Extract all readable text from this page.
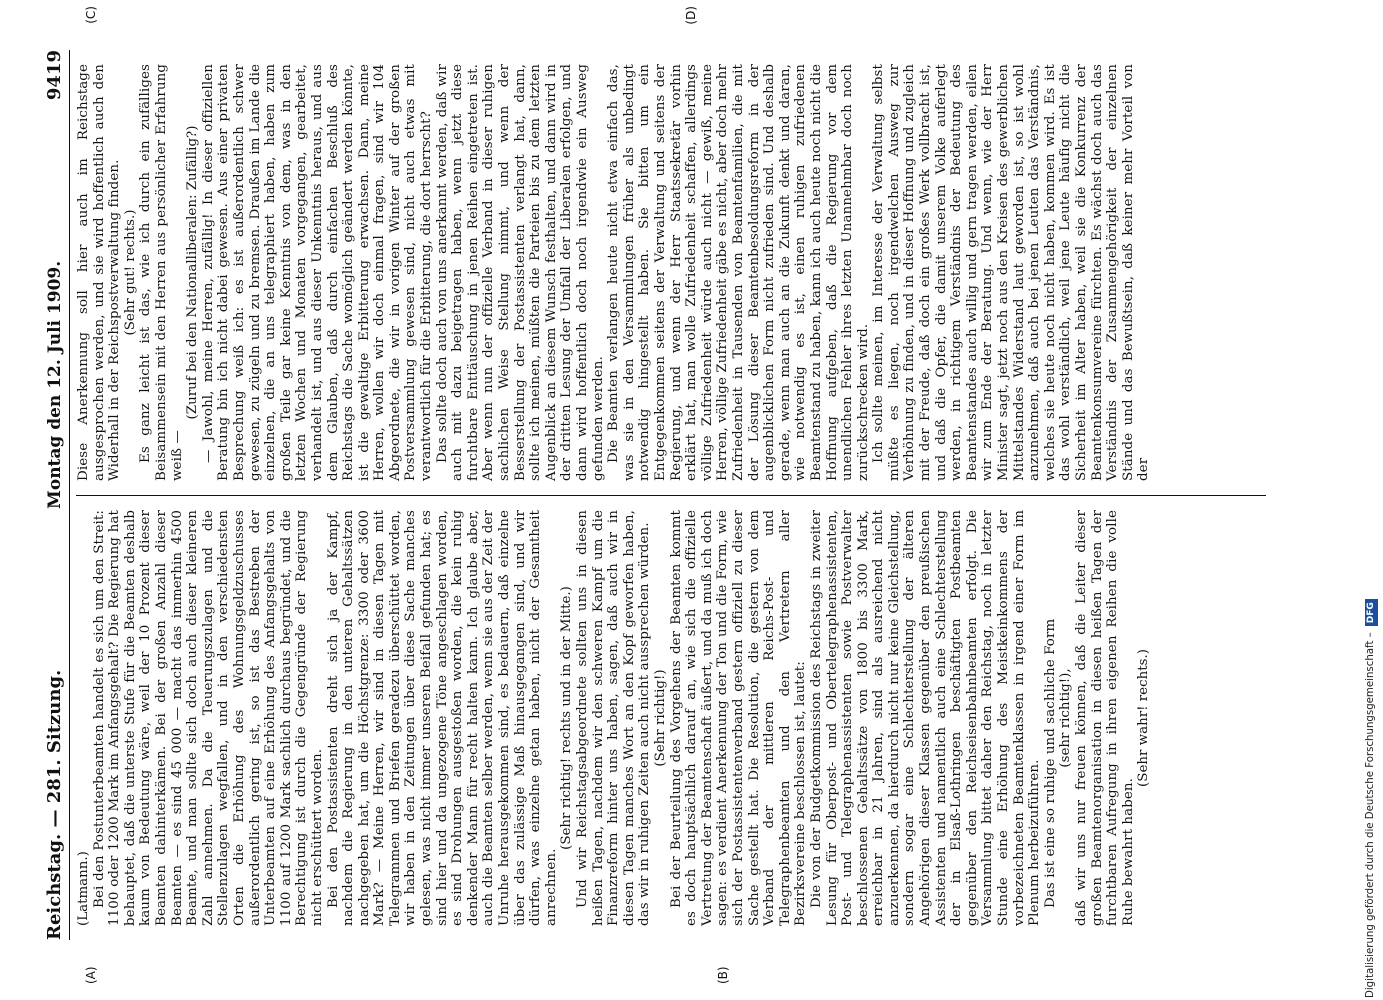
Reichstag. — 281. Sitzung.
Montag den 12. Juli 1909.
9419
(A)	(B)

(Latmann.) Bei den Postunterbeamten handelt es sich um den Streit: 1100 oder 1200 Mark im Anfangsgehalt? Die Regierung hat behauptet, daß die unterste Stufe für die Beamten deshalb kaum von Bedeutung wäre, weil der 10 Prozent dieser Beamten dahinterkämen. Bei der großen Anzahl dieser Beamten — es sind 45 000 — macht das immerhin 4500 Beamte, und man sollte sich doch auch dieser kleineren Zahl annehmen. Da die Teuerungszulagen und die Stellenzulagen wegfallen, und in den verschiedensten Orten die Erhöhung des Wohnungsgeldzuschusses außerordentlich gering ist, so ist das Bestreben der Unterbeamten auf eine Erhöhung des Anfangsgehalts von 1100 auf 1200 Mark sachlich durchaus begründet, und die Berechtigung ist durch die Gegengründe der Regierung nicht erschüttert worden. Bei den Postassistenten dreht sich ja der Kampf, nachdem die Regierung in den unteren Gehaltssätzen nachgegeben hat, um die Höchstgrenze: 3300 oder 3600 Mark? — Meine Herren, wir sind in diesen Tagen mit Telegrammen und Briefen geradezu überschüttet worden, wir haben in den Zeitungen über diese Sache manches gelesen, was nicht immer unseren Beifall gefunden hat; es sind hier und da ungezogene Töne angeschlagen worden, es sind Drohungen ausgestoßen worden, die kein ruhig denkender Mann für recht halten kann. Ich glaube aber, auch die Beamten selber werden, wenn sie aus der Zeit der Unruhe herausgekommen sind, es bedauern, daß einzelne über das zulässige Maß hinausgegangen sind, und wir dürfen, was einzelne getan haben, nicht der Gesamtheit anrechnen.

(Sehr richtig! rechts und in der Mitte.) Und wir Reichstagsabgeordnete sollten uns in diesen heißen Tagen, nachdem wir den schweren Kampf um die Finanzreform hinter uns haben, sagen, daß auch wir in diesen Tagen manches Wort an den Kopf geworfen haben, das wir in ruhigen Zeiten auch nicht aussprechen würden. (Sehr richtig!) Bei der Beurteilung des Vorgehens der Beamten kommt es doch hauptsächlich darauf an, wie sich die offizielle Vertretung der Beamtenschaft äußert, und da muß ich doch sagen: es verdient Anerkennung der Ton und die Form, wie sich der Postassistentenverband gestern offiziell zu dieser Sache gestellt hat. Die Resolution, die gestern von dem Verband der mittleren Reichs-Post- und Telegraphenbeamten und den Vertretern aller Bezirksvereine beschlossen ist, lautet: Die von der Budgetkommission des Reichstags in zweiter Lesung für Oberpost- und Obertelegraphenassistenten, Post- und Telegraphenassistenten sowie Postverwalter beschlossenen Gehaltssätze von 1800 bis 3300 Mark, erreichbar in 21 Jahren, sind als ausreichend nicht anzuerkennen, da hierdurch nicht nur keine Gleichstellung, sondern sogar eine Schlechterstellung der älteren Angehörigen dieser Klassen gegenüber den preußischen Assistenten und namentlich auch eine Schlechterstellung der in Elsaß-Lothringen beschäftigten Postbeamten gegenüber den Reichseisenbahnbeamten erfolgt. Die Versammlung bittet daher den Reichstag, noch in letzter Stunde eine Erhöhung des Meistkeinkommens der vorbezeichneten Beamtenklassen in irgend einer Form im Plenum herbeizuführen. Das ist eine so ruhige und sachliche Form (sehr richtig!), daß wir uns nur freuen können, daß die Leiter dieser großen Beamtenorganisation in diesen heißen Tagen der furchtbaren Aufregung in ihren eigenen Reihen die volle Ruhe bewahrt haben.

(Sehr wahr! rechts.)

(C)	(D)

Diese Anerkennung soll hier auch im Reichstage ausgesprochen werden, und sie wird hoffentlich auch den Widerhall in der Reichspostverwaltung finden. (Sehr gut! rechts.) Es ganz leicht ist das, wie ich durch ein zufälliges Beisammensein mit den Herren aus persönlicher Erfahrung weiß —

(Zuruf bei den Nationalliberalen: Zufällig?) — Jawohl, meine Herren, zufällig! In dieser offiziellen Beratung bin ich nicht dabei gewesen. Aus einer privaten Besprechung weiß ich: es ist außerordentlich schwer gewesen, zu zügeln und zu bremsen. Draußen im Lande die einzelnen, die an uns telegraphiert haben, haben zum großen Teile gar keine Kenntnis von dem, was in den letzten Wochen und Monaten vorgegangen, gearbeitet, verhandelt ist, und aus dieser Unkenntnis heraus, und aus dem Glauben, daß durch einfachen Beschluß des Reichstags die Sache womöglich geändert werden könnte, ist die gewaltige Erbitterung erwachsen. Dann, meine Herren, wollen wir doch einmal fragen, sind wir 104 Abgeordnete, die wir in vorigen Winter auf der großen Postversammlung gewesen sind, nicht auch etwas mit verantwortlich für die Erbitterung, die dort herrscht? Das sollte doch auch von uns anerkannt werden, daß wir auch mit dazu beigetragen haben, wenn jetzt diese furchtbare Enttäuschung in jenen Reihen eingetreten ist. Aber wenn nun der offizielle Verband in dieser ruhigen sachlichen Weise Stellung nimmt, und wenn der Besserstellung der Postassistenten verlangt hat, dann, sollte ich meinen, müßten die Parteien bis zu dem letzten Augenblick an diesem Wunsch festhalten, und dann wird in der dritten Lesung der Umfall der Liberalen erfolgen, und dann wird hoffentlich doch noch irgendwie ein Ausweg gefunden werden. Die Beamten verlangen heute nicht etwa einfach das, was sie in den Versammlungen früher als unbedingt notwendig hingestellt haben. Sie bitten um ein Entgegenkommen seitens der Verwaltung und seitens der Regierung, und wenn der Herr Staatssekretär vorhin erklärt hat, man wolle Zufriedenheit schaffen, allerdings völlige Zufriedenheit würde auch nicht — gewiß, meine Herren, völlige Zufriedenheit gäbe es nicht, aber doch mehr Zufriedenheit in Tausenden von Beamtenfamilien, die mit der Lösung dieser Beamtenbesoldungsreform in der augenblicklichen Form nicht zufrieden sind. Und deshalb gerade, wenn man auch an die Zukunft denkt und daran, wie notwendig es ist, einen ruhigen zufriedenen Beamtenstand zu haben, kann ich auch heute noch nicht die Hoffnung aufgeben, daß die Regierung vor dem unendlichen Fehler ihres letzten Unannehmbar doch noch zurückschrecken wird. Ich sollte meinen, im Interesse der Verwaltung selbst müßte es liegen, noch irgendwelchen Ausweg zur Verhöhnung zu finden, und in dieser Hoffnung und zugleich mit der Freude, daß doch ein großes Werk vollbracht ist, und daß die Opfer, die damit unserem Volke auferlegt werden, in richtigem Verständnis der Bedeutung des Beamtenstandes auch willig und gern tragen werden, eilen wir zum Ende der Beratung. Und wenn, wie der Herr Minister sagt, jetzt noch aus den Kreisen des gewerblichen Mittelstandes Widerstand laut geworden ist, so ist wohl anzunehmen, daß auch bei jenen Leuten das Verständnis, welches sie heute noch nicht haben, kommen wird. Es ist das wohl verständlich, weil jene Leute häufig nicht die Sicherheit im Alter haben, weil sie die Konkurrenz der Beamtenkonsumvereine fürchten. Es wächst doch auch das Verständnis der Zusammengehörigkeit der einzelnen Stände und das Bewußtsein, daß keiner mehr Vorteil von der

Digitalisierung gefördert durch die Deutsche Forschungsgemeinschaft –
DFG
